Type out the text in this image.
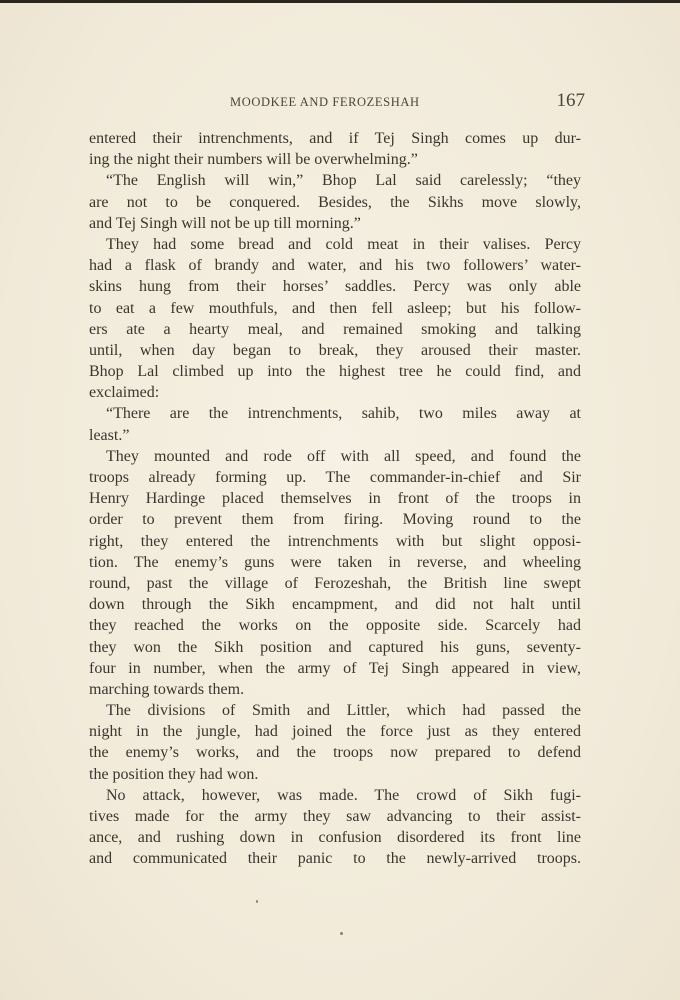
MOODKEE AND FEROZESHAH	167
entered their intrenchments, and if Tej Singh comes up dur-
ing the night their numbers will be overwhelming.”
“The English will win,” Bhop Lal said carelessly; “they
are not to be conquered. Besides, the Sikhs move slowly,
and Tej Singh will not be up till morning.”
They had some bread and cold meat in their valises. Percy
had a flask of brandy and water, and his two followers’ water-
skins hung from their horses’ saddles. Percy was only able
to eat a few mouthfuls, and then fell asleep; but his follow-
ers ate a hearty meal, and remained smoking and talking
until, when day began to break, they aroused their master.
Bhop Lal climbed up into the highest tree he could find, and
exclaimed:
“There are the intrenchments, sahib, two miles away at
least.”
They mounted and rode off with all speed, and found the
troops already forming up. The commander-in-chief and Sir
Henry Hardinge placed themselves in front of the troops in
order to prevent them from firing. Moving round to the
right, they entered the intrenchments with but slight opposi-
tion. The enemy’s guns were taken in reverse, and wheeling
round, past the village of Ferozeshah, the British line swept
down through the Sikh encampment, and did not halt until
they reached the works on the opposite side. Scarcely had
they won the Sikh position and captured his guns, seventy-
four in number, when the army of Tej Singh appeared in view,
marching towards them.
The divisions of Smith and Littler, which had passed the
night in the jungle, had joined the force just as they entered
the enemy’s works, and the troops now prepared to defend
the position they had won.
No attack, however, was made. The crowd of Sikh fugi-
tives made for the army they saw advancing to their assist-
ance, and rushing down in confusion disordered its front line
and communicated their panic to the newly-arrived troops.
